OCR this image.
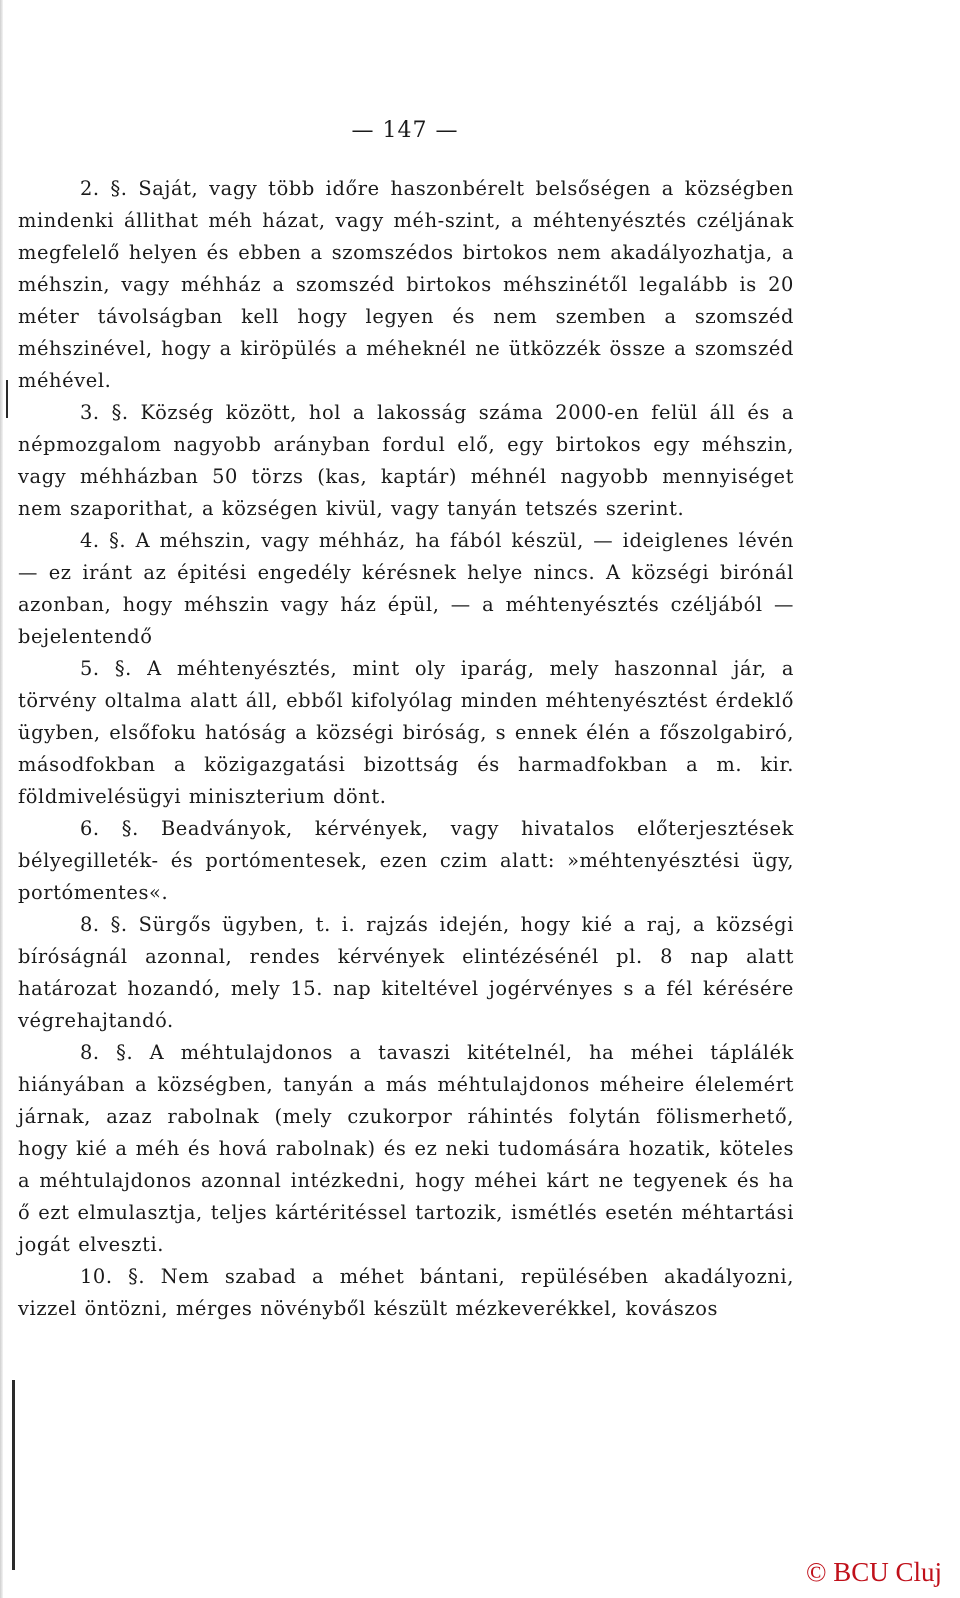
— 147 —

2. §. Saját, vagy több időre haszonbérelt belsőségen a községben mindenki állithat méh házat, vagy méh-szint, a méhtenyésztés czéljának megfelelő helyen és ebben a szomszédos birtokos nem akadályozhatja, a méhszin, vagy méhház a szomszéd birtokos méhszinétől legalább is 20 méter távolságban kell hogy legyen és nem szemben a szomszéd méhszinével, hogy a kiröpülés a méheknél ne ütközzék össze a szomszéd méhével.

3. §. Község között, hol a lakosság száma 2000-en felül áll és a népmozgalom nagyobb arányban fordul elő, egy birtokos egy méhszin, vagy méhházban 50 törzs (kas, kaptár) méhnél nagyobb mennyiséget nem szaporithat, a községen kivül, vagy tanyán tetszés szerint.

4. §. A méhszin, vagy méhház, ha fából készül, — ideiglenes lévén — ez iránt az épitési engedély kérésnek helye nincs. A községi birónál azonban, hogy méhszin vagy ház épül, — a méhtenyésztés czéljából — bejelentendő

5. §. A méhtenyésztés, mint oly iparág, mely haszonnal jár, a törvény oltalma alatt áll, ebből kifolyólag minden méhtenyésztést érdeklő ügyben, elsőfoku hatóság a községi biróság, s ennek élén a főszolgabiró, másodfokban a közigazgatási bizottság és harmadfokban a m. kir. földmivelésügyi miniszterium dönt.

6. §. Beadványok, kérvények, vagy hivatalos előterjesztések bélyegilleték- és portómentesek, ezen czim alatt: »méhtenyésztési ügy, portómentes«.

8. §. Sürgős ügyben, t. i. rajzás idején, hogy kié a raj, a községi bíróságnál azonnal, rendes kérvények elintézésénél pl. 8 nap alatt határozat hozandó, mely 15. nap kiteltével jogérvényes s a fél kérésére végrehajtandó.

8. §. A méhtulajdonos a tavaszi kitételnél, ha méhei táplálék hiányában a községben, tanyán a más méhtulajdonos méheire élelemért járnak, azaz rabolnak (mely czukorpor ráhintés folytán fölismerhető, hogy kié a méh és hová rabolnak) és ez neki tudomására hozatik, köteles a méhtulajdonos azonnal intézkedni, hogy méhei kárt ne tegyenek és ha ő ezt elmulasztja, teljes kártéritéssel tartozik, ismétlés esetén méhtartási jogát elveszti.

10. §. Nem szabad a méhet bántani, repülésében akadályozni, vizzel öntözni, mérges növényből készült mézkeverékkel, kovászos

© BCU Cluj
